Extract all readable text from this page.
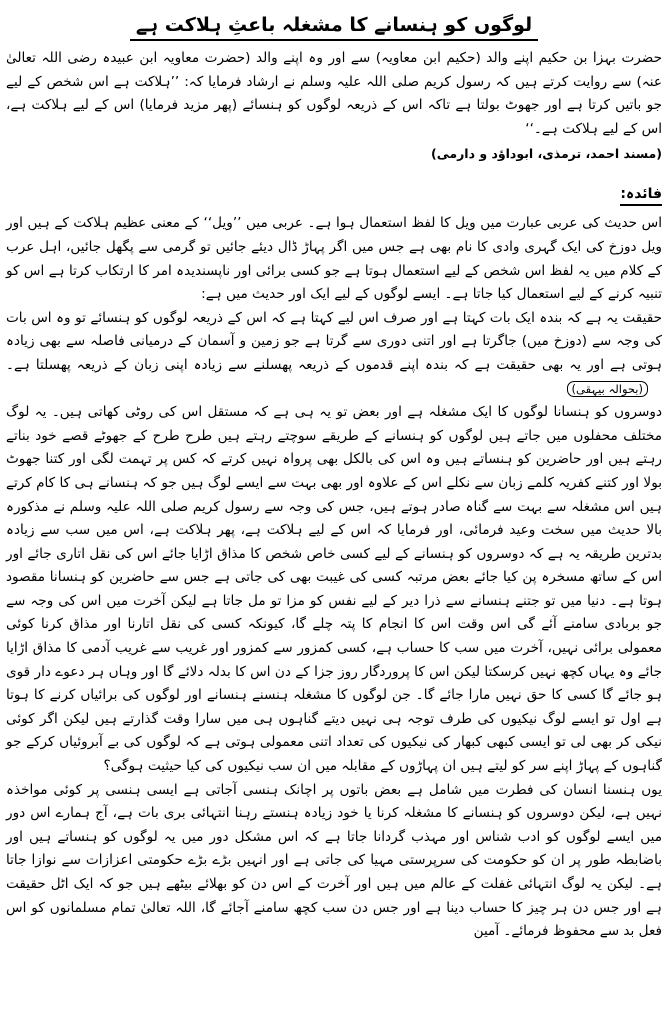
لوگوں کو ہنسانے کا مشغلہ باعثِ ہلاکت ہے

حضرت بہزا بن حکیم اپنے والد (حکیم ابن معاویہ) سے اور وہ اپنے والد (حضرت معاویہ ابن عبیدہ رضی اللہ تعالیٰ عنہ) سے روایت کرتے ہیں کہ رسول کریم صلی اللہ علیہ وسلم نے ارشاد فرمایا کہ: ’’ہلاکت ہے اس شخص کے لیے جو باتیں کرتا ہے اور جھوٹ بولتا ہے تاکہ اس کے ذریعہ لوگوں کو ہنسائے (پھر مزید فرمایا) اس کے لیے ہلاکت ہے، اس کے لیے ہلاکت ہے۔‘‘

(مسند احمد، ترمذی، ابوداؤد و دارمی)

فائدہ:

اس حدیث کی عربی عبارت میں ویل کا لفظ استعمال ہوا ہے۔ عربی میں ’’ویل‘‘ کے معنی عظیم ہلاکت کے ہیں اور ویل دوزخ کی ایک گہری وادی کا نام بھی ہے جس میں اگر پہاڑ ڈال دیئے جائیں تو گرمی سے پگھل جائیں، اہل عرب کے کلام میں یہ لفظ اس شخص کے لیے استعمال ہوتا ہے جو کسی برائی اور ناپسندیدہ امر کا ارتکاب کرتا ہے اس کو تنبیہ کرنے کے لیے استعمال کیا جاتا ہے۔ ایسے لوگوں کے لیے ایک اور حدیث میں ہے:

حقیقت یہ ہے کہ بندہ ایک بات کہتا ہے اور صرف اس لیے کہتا ہے کہ اس کے ذریعہ لوگوں کو ہنسائے تو وہ اس بات کی وجہ سے (دوزخ میں) جاگرتا ہے اور اتنی دوری سے گرتا ہے جو زمین و آسمان کے درمیانی فاصلہ سے بھی زیادہ ہوتی ہے اور یہ بھی حقیقت ہے کہ بندہ اپنے قدموں کے ذریعہ پھسلنے سے زیادہ اپنی زبان کے ذریعہ پھسلتا ہے۔(بحوالہ بیہقی)

دوسروں کو ہنسانا لوگوں کا ایک مشغلہ ہے اور بعض تو یہ ہی ہے کہ مستقل اس کی روٹی کھاتی ہیں۔ یہ لوگ مختلف محفلوں میں جاتے ہیں لوگوں کو ہنسانے کے طریقے سوچتے رہتے ہیں طرح طرح کے جھوٹے قصے خود بناتے رہتے ہیں اور حاضرین کو ہنساتے ہیں وہ اس کی بالکل بھی پرواہ نہیں کرتے کہ کس پر تہمت لگی اور کتنا جھوٹ بولا اور کتنے کفریہ کلمے زبان سے نکلے اس کے علاوہ اور بھی بہت سے ایسے لوگ ہیں جو کہ ہنسانے ہی کا کام کرتے ہیں اس مشغلہ سے بہت سے گناہ صادر ہوتے ہیں، جس کی وجہ سے رسول کریم صلی اللہ علیہ وسلم نے مذکورہ بالا حدیث میں سخت وعید فرمائی، اور فرمایا کہ اس کے لیے ہلاکت ہے، پھر ہلاکت ہے، اس میں سب سے زیادہ بدترین طریقہ یہ ہے کہ دوسروں کو ہنسانے کے لیے کسی خاص شخص کا مذاق اڑایا جائے اس کی نقل اتاری جائے اور اس کے ساتھ مسخرہ پن کیا جائے بعض مرتبہ کسی کی غیبت بھی کی جاتی ہے جس سے حاضرین کو ہنسانا مقصود ہوتا ہے۔ دنیا میں تو جتنے ہنسانے سے ذرا دیر کے لیے نفس کو مزا تو مل جاتا ہے لیکن آخرت میں اس کی وجہ سے جو بربادی سامنے آئے گی اس وقت اس کا انجام کا پتہ چلے گا، کیونکہ کسی کی نقل اتارنا اور مذاق کرنا کوئی معمولی برائی نہیں، آخرت میں سب کا حساب ہے، کسی کمزور سے کمزور اور غریب سے غریب آدمی کا مذاق اڑایا جائے وہ یہاں کچھ نہیں کرسکتا لیکن اس کا پروردگار روز جزا کے دن اس کا بدلہ دلائے گا اور وہاں ہر دعوے دار قوی ہو جائے گا کسی کا حق نہیں مارا جائے گا۔ جن لوگوں کا مشغلہ ہنسنے ہنسانے اور لوگوں کی برائیاں کرنے کا ہوتا ہے اول تو ایسے لوگ نیکیوں کی طرف توجہ ہی نہیں دیتے گناہوں ہی میں سارا وقت گذارتے ہیں لیکن اگر کوئی نیکی کر بھی لی تو ایسی کبھی کبھار کی نیکیوں کی تعداد اتنی معمولی ہوتی ہے کہ لوگوں کی بے آبروئیاں کرکے جو گناہوں کے پہاڑ اپنے سر کو لیتے ہیں ان پہاڑوں کے مقابلہ میں ان سب نیکیوں کی کیا حیثیت ہوگی؟

یوں ہنسنا انسان کی فطرت میں شامل ہے بعض باتوں پر اچانک ہنسی آجاتی ہے ایسی ہنسی پر کوئی مواخذہ نہیں ہے، لیکن دوسروں کو ہنسانے کا مشغلہ کرنا یا خود زیادہ ہنستے رہنا انتہائی بری بات ہے، آج ہمارے اس دور میں ایسے لوگوں کو ادب شناس اور مہذب گردانا جاتا ہے کہ اس مشکل دور میں یہ لوگوں کو ہنساتے ہیں اور باضابطہ طور پر ان کو حکومت کی سرپرستی مہیا کی جاتی ہے اور انہیں بڑے بڑے حکومتی اعزازات سے نوازا جاتا ہے۔ لیکن یہ لوگ انتہائی غفلت کے عالم میں ہیں اور آخرت کے اس دن کو بھلائے بیٹھے ہیں جو کہ ایک اٹل حقیقت ہے اور جس دن ہر چیز کا حساب دینا ہے اور جس دن سب کچھ سامنے آجائے گا، اللہ تعالیٰ تمام مسلمانوں کو اس فعل بد سے محفوظ فرمائے۔ آمین
